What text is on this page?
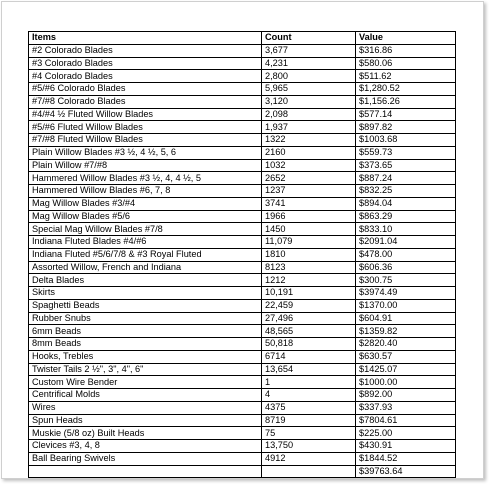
Items	Count	Value
#2 Colorado Blades	3,677	$316.86
#3 Colorado Blades	4,231	$580.06
#4 Colorado Blades	2,800	$511.62
#5/#6 Colorado Blades	5,965	$1,280.52
#7/#8 Colorado Blades	3,120	$1,156.26
#4/#4 ½ Fluted Willow Blades	2,098	$577.14
#5/#6 Fluted Willow Blades	1,937	$897.82
#7/#8 Fluted Willow Blades	1322	$1003.68
Plain Willow Blades #3 ½, 4 ½, 5, 6	2160	$559.73
Plain Willow #7/#8	1032	$373.65
Hammered Willow Blades #3 ½, 4, 4 ½, 5	2652	$887.24
Hammered Willow Blades #6, 7, 8	1237	$832.25
Mag Willow Blades #3/#4	3741	$894.04
Mag Willow Blades #5/6	1966	$863.29
Special Mag Willow Blades #7/8	1450	$833.10
Indiana Fluted Blades #4/#6	11,079	$2091.04
Indiana Fluted #5/6/7/8 & #3 Royal Fluted	1810	$478.00
Assorted Willow, French and Indiana	8123	$606.36
Delta Blades	1212	$300.75
Skirts	10,191	$3974.49
Spaghetti Beads	22,459	$1370.00
Rubber Snubs	27,496	$604.91
6mm Beads	48,565	$1359.82
8mm Beads	50,818	$2820.40
Hooks, Trebles	6714	$630.57
Twister Tails 2 ½", 3", 4", 6"	13,654	$1425.07
Custom Wire Bender	1	$1000.00
Centrifical Molds	4	$892.00
Wires	4375	$337.93
Spun Heads	8719	$7804.61
Muskie (5/8 oz) Built Heads	75	$225.00
Clevices #3, 4, 8	13,750	$430.91
Ball Bearing Swivels	4912	$1844.52
		$39763.64
